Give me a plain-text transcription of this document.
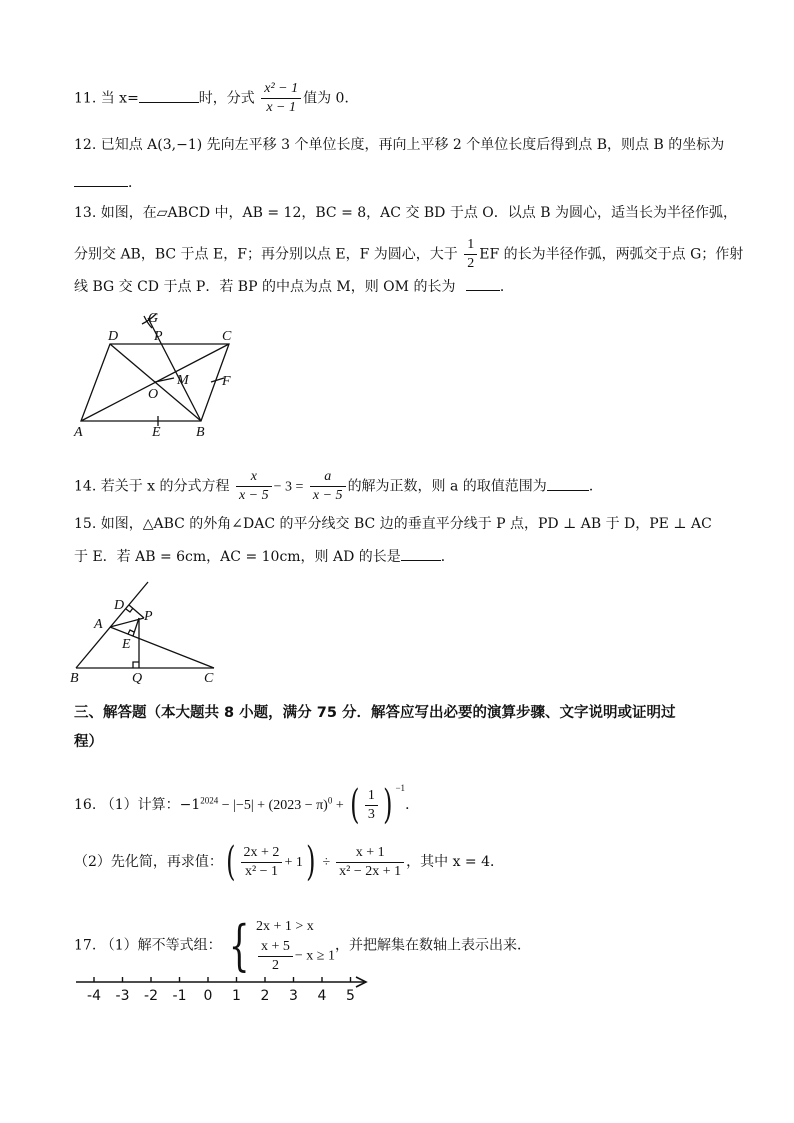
11. 当 x=	时，分式 $\frac{\text{x² − 1}}{x - 1}$ 值为 0．
12. 已知点 A(3,−1) 先向左平移 3 个单位长度，再向上平移 2 个单位长度后得到点 B，则点 B 的坐标为
．
13. 如图，在▱ABCD 中，AB = 12，BC = 8，AC 交 BD 于点 O．以点 B 为圆心，适当长为半径作弧，
分别交 AB，BC 于点 E，F；再分别以点 E，F 为圆心，大于 $\frac{1}{2}$ EF 的长为半径作弧，两弧交于点 G；作射
线 BG 交 CD 于点 P．若 BP 的中点为点 M，则 OM 的长为	．
D
G
P	C
M F
O
A	E	B
14. 若关于 x 的分式方程 $\frac{x}{x - 5} - 3 = \frac{a}{x - 5}$ 的解为正数，则 a 的取值范围为	．
15. 如图，△ABC 的外角∠DAC 的平分线交 BC 边的垂直平分线于 P 点，PD ⊥ AB 于 D，PE ⊥ AC
于 E．若 AB = 6cm，AC = 10cm，则 AD 的长是	．
D
P
A
E
B	Q	C
三、解答题（本大题共 8 小题，满分 75 分．解答应写出必要的演算步骤、文字说明或证明过
程）
16. （1）计算：$-1^{2024} - |-5| + (2023 - \pi)^0$ + ( $\frac{1}{3}$ ) $^{-1}$．
（2）先化简，再求值：( $\frac{2x + 2}{\text{x² − 1}} + 1) \div \frac{x + 1}{\text{x² − 2x + 1}}$ ，其中 x = 4．
17. （1）解不等式组： { 2x + 1 > x
$\frac{x + 5}{2} - x \ge 1$
，并把解集在数轴上表示出来．
-4 -3 -2 -1 0 1 2 3 4 5
